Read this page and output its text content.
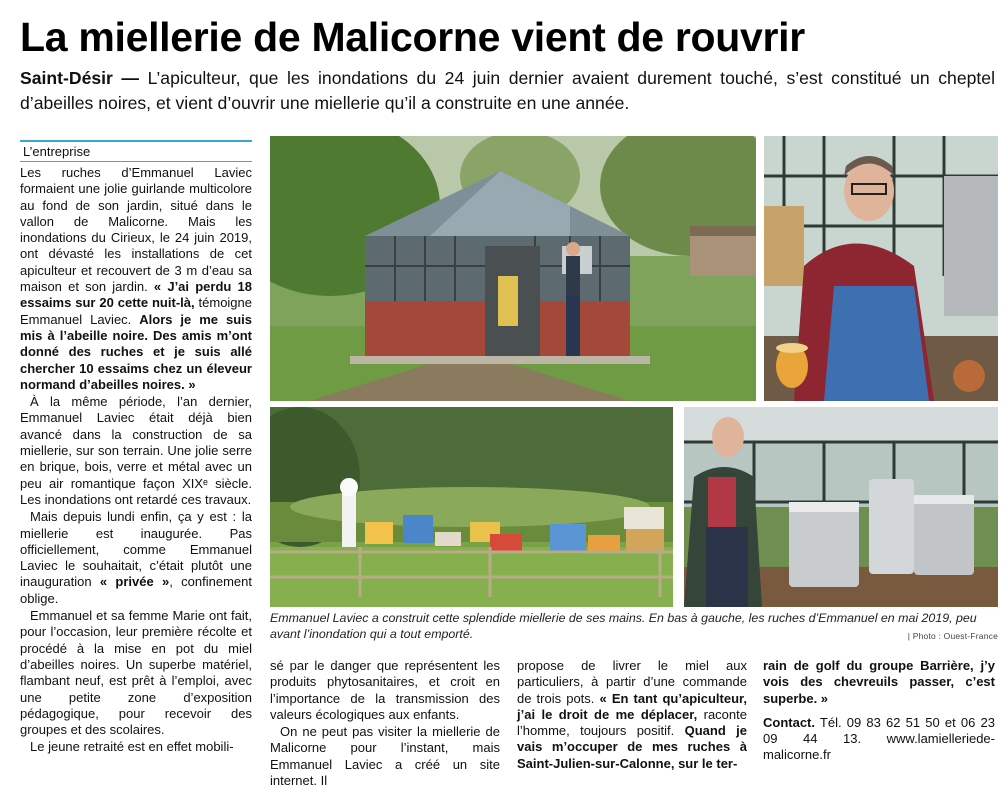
La miellerie de Malicorne vient de rouvrir
Saint-Désir — L’apiculteur, que les inondations du 24 juin dernier avaient durement touché, s’est constitué un cheptel d’abeilles noires, et vient d’ouvrir une miellerie qu’il a construite en une année.
L’entreprise

Les ruches d’Emmanuel Laviec formaient une jolie guirlande multicolore au fond de son jardin, situé dans le vallon de Malicorne. Mais les inondations du Cirieux, le 24 juin 2019, ont dévasté les installations de cet apiculteur et recouvert de 3 m d’eau sa maison et son jardin. « J’ai perdu 18 essaims sur 20 cette nuit-là, témoigne Emmanuel Laviec. Alors je me suis mis à l’abeille noire. Des amis m’ont donné des ruches et je suis allé chercher 10 essaims chez un éleveur normand d’abeilles noires. »

À la même période, l’an dernier, Emmanuel Laviec était déjà bien avancé dans la construction de sa miellerie, sur son terrain. Une jolie serre en brique, bois, verre et métal avec un peu air romantique façon XIXᵉ siècle. Les inondations ont retardé ces travaux.

Mais depuis lundi enfin, ça y est : la miellerie est inaugurée. Pas officiellement, comme Emmanuel Laviec le souhaitait, c’était plutôt une inauguration « privée », confinement oblige.

Emmanuel et sa femme Marie ont fait, pour l’occasion, leur première récolte et procédé à la mise en pot du miel d’abeilles noires. Un superbe matériel, flambant neuf, est prêt à l’emploi, avec une petite zone d’exposition pédagogique, pour recevoir des groupes et des scolaires.

Le jeune retraité est en effet mobili-

Emmanuel Laviec a construit cette splendide miellerie de ses mains. En bas à gauche, les ruches d’Emmanuel en mai 2019, peu avant l’inondation qui a tout emporté.	| Photo : Ouest-France

sé par le danger que représentent les produits phytosanitaires, et croit en l’importance de la transmission des valeurs écologiques aux enfants.

On ne peut pas visiter la miellerie de Malicorne pour l’instant, mais Emmanuel Laviec a créé un site internet. Il

propose de livrer le miel aux particuliers, à partir d’une commande de trois pots. « En tant qu’apiculteur, j’ai le droit de me déplacer, raconte l’homme, toujours positif. Quand je vais m’occuper de mes ruches à Saint-Julien-sur-Calonne, sur le ter-

rain de golf du groupe Barrière, j’y vois des chevreuils passer, c’est superbe. »

Contact. Tél. 09 83 62 51 50 et 06 23 09 44 13. www.lamielleriede-malicorne.fr
